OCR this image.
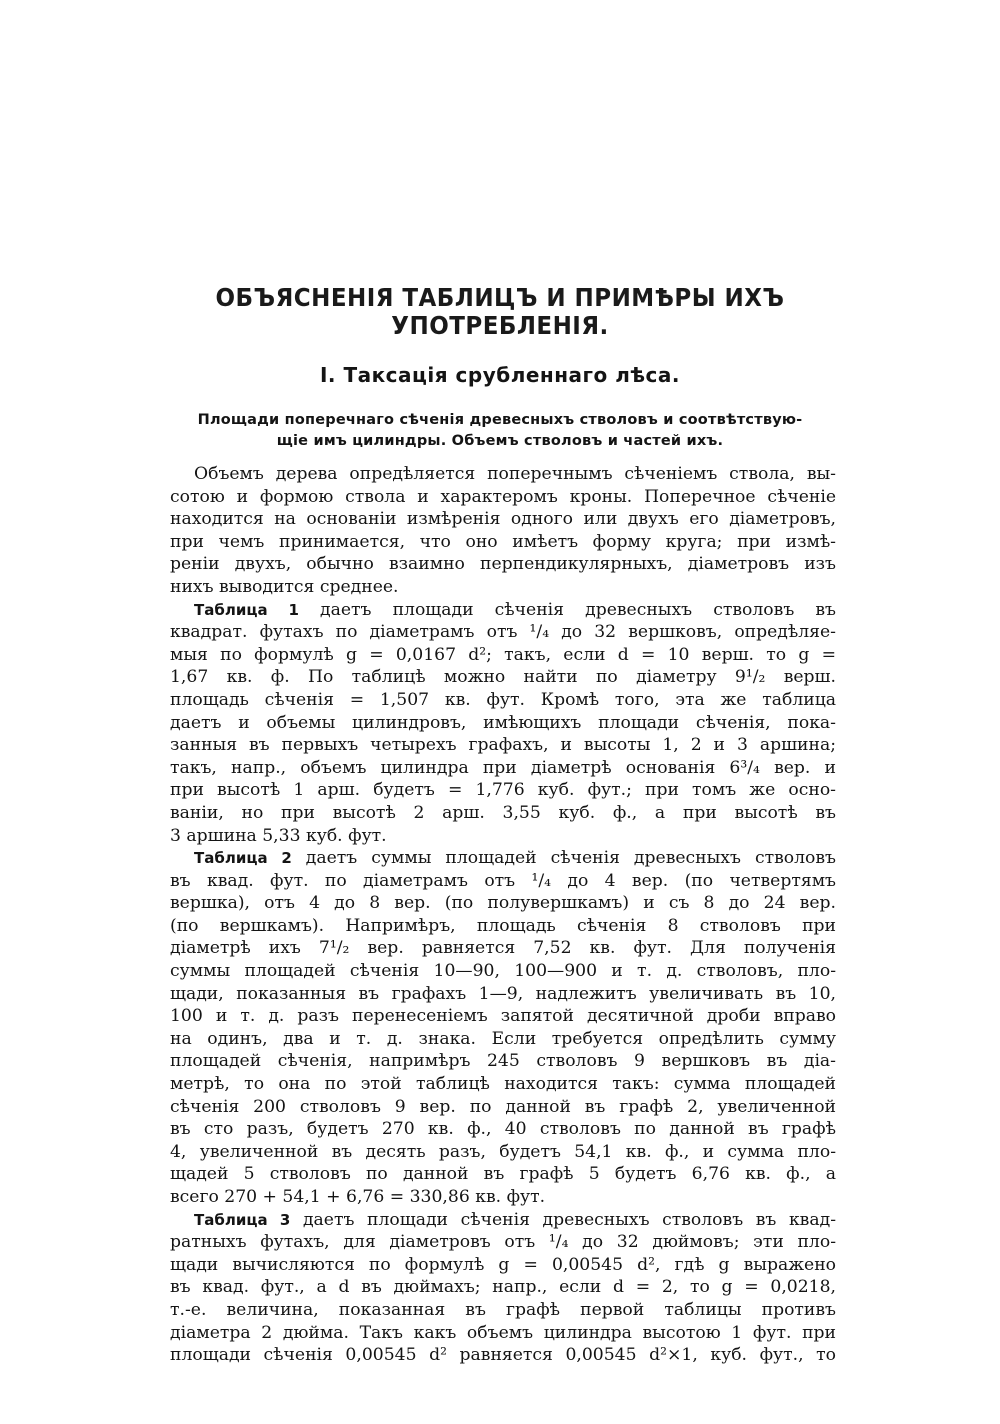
ОБЪЯСНЕНІЯ ТАБЛИЦЪ И ПРИМѢРЫ ИХЪ
УПОТРЕБЛЕНІЯ.
I. Таксація срубленнаго лѣса.
Площади поперечнаго сѣченія древесныхъ стволовъ и соотвѣтствую-
щіе имъ цилиндры. Объемъ стволовъ и частей ихъ.
Объемъ дерева опредѣляется поперечнымъ сѣченіемъ ствола, вы-
сотою и формою ствола и характеромъ кроны. Поперечное сѣченіе
находится на основаніи измѣренія одного или двухъ его діаметровъ,
при чемъ принимается, что оно имѣетъ форму круга; при измѣ-
реніи двухъ, обычно взаимно перпендикулярныхъ, діаметровъ изъ
нихъ выводится среднее.
Таблица 1 даетъ площади сѣченія древесныхъ стволовъ въ
квадрат. футахъ по діаметрамъ отъ ¹/₄ до 32 вершковъ, опредѣляе-
мыя по формулѣ g = 0,0167 d²; такъ, если d = 10 верш. то g =
1,67 кв. ф. По таблицѣ можно найти по діаметру 9¹/₂ верш.
площадь сѣченія = 1,507 кв. фут. Кромѣ того, эта же таблица
даетъ и объемы цилиндровъ, имѣющихъ площади сѣченія, пока-
занныя въ первыхъ четырехъ графахъ, и высоты 1, 2 и 3 аршина;
такъ, напр., объемъ цилиндра при діаметрѣ основанія 6³/₄ вер. и
при высотѣ 1 арш. будетъ = 1,776 куб. фут.; при томъ же осно-
ваніи, но при высотѣ 2 арш. 3,55 куб. ф., а при высотѣ въ
3 аршина 5,33 куб. фут.
Таблица 2 даетъ суммы площадей сѣченія древесныхъ стволовъ
въ квад. фут. по діаметрамъ отъ ¹/₄ до 4 вер. (по четвертямъ
вершка), отъ 4 до 8 вер. (по полувершкамъ) и съ 8 до 24 вер.
(по вершкамъ). Напримѣръ, площадь сѣченія 8 стволовъ при
діаметрѣ ихъ 7¹/₂ вер. равняется 7,52 кв. фут. Для полученія
суммы площадей сѣченія 10—90, 100—900 и т. д. стволовъ, пло-
щади, показанныя въ графахъ 1—9, надлежитъ увеличивать въ 10,
100 и т. д. разъ перенесеніемъ запятой десятичной дроби вправо
на одинъ, два и т. д. знака. Если требуется опредѣлить сумму
площадей сѣченія, напримѣръ 245 стволовъ 9 вершковъ въ діа-
метрѣ, то она по этой таблицѣ находится такъ: сумма площадей
сѣченія 200 стволовъ 9 вер. по данной въ графѣ 2, увеличенной
въ сто разъ, будетъ 270 кв. ф., 40 стволовъ по данной въ графѣ
4, увеличенной въ десять разъ, будетъ 54,1 кв. ф., и сумма пло-
щадей 5 стволовъ по данной въ графѣ 5 будетъ 6,76 кв. ф., а
всего 270 + 54,1 + 6,76 = 330,86 кв. фут.
Таблица 3 даетъ площади сѣченія древесныхъ стволовъ въ квад-
ратныхъ футахъ, для діаметровъ отъ ¹/₄ до 32 дюймовъ; эти пло-
щади вычисляются по формулѣ g = 0,00545 d², гдѣ g выражено
въ квад. фут., а d въ дюймахъ; напр., если d = 2, то g = 0,0218,
т.-е. величина, показанная въ графѣ первой таблицы противъ
діаметра 2 дюйма. Такъ какъ объемъ цилиндра высотою 1 фут. при
площади сѣченія 0,00545 d² равняется 0,00545 d²×1, куб. фут., то
